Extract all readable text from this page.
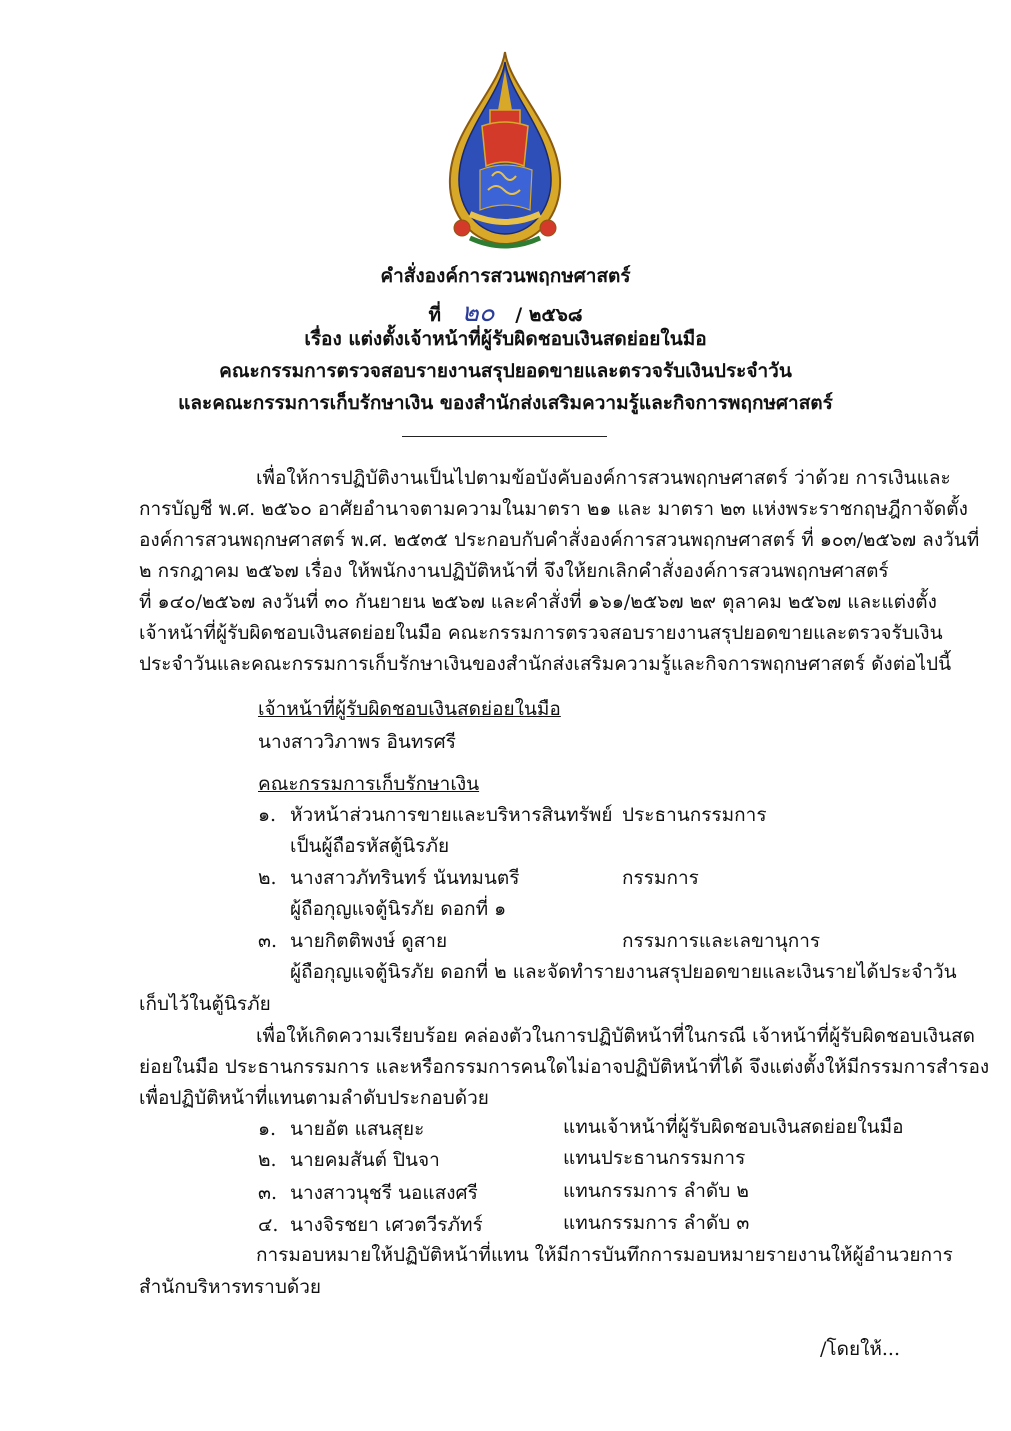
คำสั่งองค์การสวนพฤกษศาสตร์
ที่ ๒๐ / ๒๕๖๘
เรื่อง แต่งตั้งเจ้าหน้าที่ผู้รับผิดชอบเงินสดย่อยในมือ
คณะกรรมการตรวจสอบรายงานสรุปยอดขายและตรวจรับเงินประจำวัน
และคณะกรรมการเก็บรักษาเงิน ของสำนักส่งเสริมความรู้และกิจการพฤกษศาสตร์
เพื่อให้การปฏิบัติงานเป็นไปตามข้อบังคับองค์การสวนพฤกษศาสตร์ ว่าด้วย การเงินและ
การบัญชี พ.ศ. ๒๕๖๐ อาศัยอำนาจตามความในมาตรา ๒๑ และ มาตรา ๒๓ แห่งพระราชกฤษฎีกาจัดตั้ง
องค์การสวนพฤกษศาสตร์ พ.ศ. ๒๕๓๕ ประกอบกับคำสั่งองค์การสวนพฤกษศาสตร์ ที่ ๑๐๓/๒๕๖๗ ลงวันที่
๒ กรกฎาคม ๒๕๖๗ เรื่อง ให้พนักงานปฏิบัติหน้าที่ จึงให้ยกเลิกคำสั่งองค์การสวนพฤกษศาสตร์
ที่ ๑๔๐/๒๕๖๗ ลงวันที่ ๓๐ กันยายน ๒๕๖๗ และคำสั่งที่ ๑๖๑/๒๕๖๗ ๒๙ ตุลาคม ๒๕๖๗ และแต่งตั้ง
เจ้าหน้าที่ผู้รับผิดชอบเงินสดย่อยในมือ คณะกรรมการตรวจสอบรายงานสรุปยอดขายและตรวจรับเงิน
ประจำวันและคณะกรรมการเก็บรักษาเงินของสำนักส่งเสริมความรู้และกิจการพฤกษศาสตร์ ดังต่อไปนี้
เจ้าหน้าที่ผู้รับผิดชอบเงินสดย่อยในมือ
นางสาววิภาพร อินทรศรี
คณะกรรมการเก็บรักษาเงิน
๑. หัวหน้าส่วนการขายและบริหารสินทรัพย์ ประธานกรรมการ
เป็นผู้ถือรหัสตู้นิรภัย
๒. นางสาวภัทรินทร์ นันทมนตรี	กรรมการ
ผู้ถือกุญแจตู้นิรภัย ดอกที่ ๑
๓. นายกิตติพงษ์ ดูสาย	กรรมการและเลขานุการ
ผู้ถือกุญแจตู้นิรภัย ดอกที่ ๒ และจัดทำรายงานสรุปยอดขายและเงินรายได้ประจำวัน
เก็บไว้ในตู้นิรภัย
เพื่อให้เกิดความเรียบร้อย คล่องตัวในการปฏิบัติหน้าที่ในกรณี เจ้าหน้าที่ผู้รับผิดชอบเงินสด
ย่อยในมือ ประธานกรรมการ และหรือกรรมการคนใดไม่อาจปฏิบัติหน้าที่ได้ จึงแต่งตั้งให้มีกรรมการสำรอง
เพื่อปฏิบัติหน้าที่แทนตามลำดับประกอบด้วย
๑. นายอัต แสนสุยะ	แทนเจ้าหน้าที่ผู้รับผิดชอบเงินสดย่อยในมือ
๒. นายคมสันต์ ปินจา	แทนประธานกรรมการ
๓. นางสาวนุชรี นอแสงศรี	แทนกรรมการ ลำดับ ๒
๔. นางจิรชยา เศวตวีรภัทร์	แทนกรรมการ ลำดับ ๓
การมอบหมายให้ปฏิบัติหน้าที่แทน ให้มีการบันทึกการมอบหมายรายงานให้ผู้อำนวยการ
สำนักบริหารทราบด้วย
/โดยให้...
